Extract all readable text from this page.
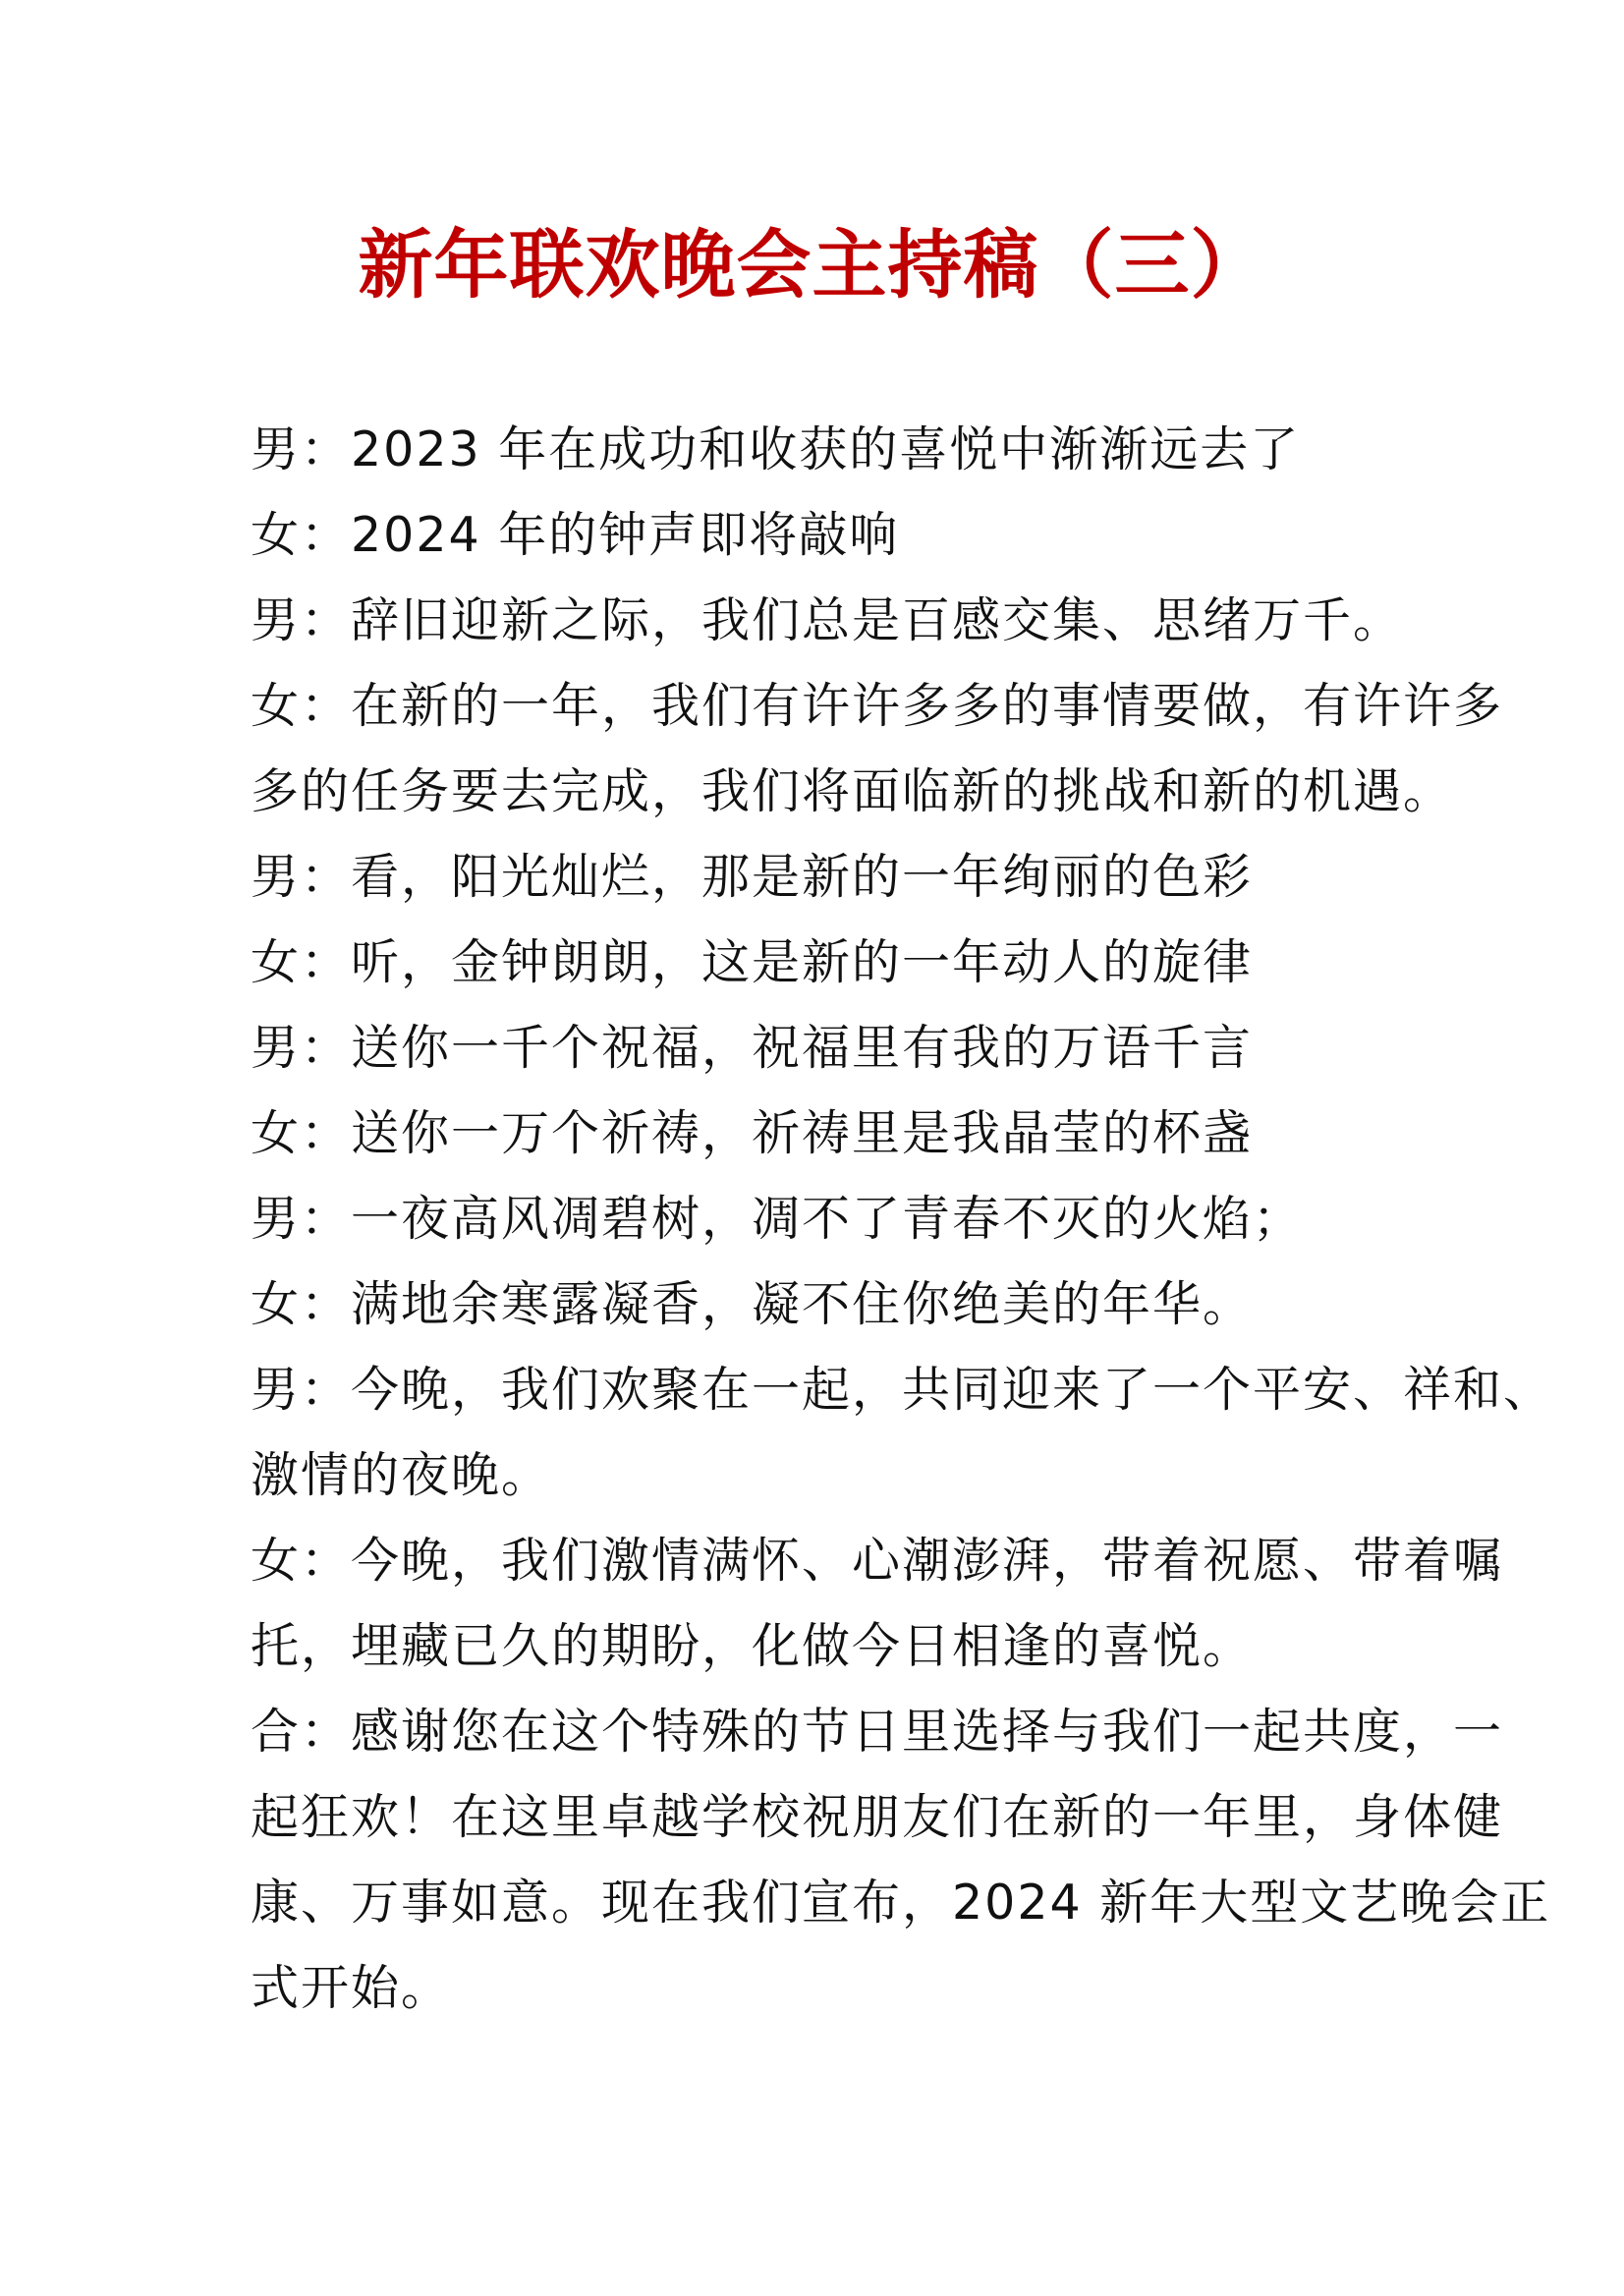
新年联欢晚会主持稿（三）
男：2023 年在成功和收获的喜悦中渐渐远去了
女：2024 年的钟声即将敲响
男：辞旧迎新之际，我们总是百感交集、思绪万千。
女：在新的一年，我们有许许多多的事情要做，有许许多
多的任务要去完成，我们将面临新的挑战和新的机遇。
男：看，阳光灿烂，那是新的一年绚丽的色彩
女：听，金钟朗朗，这是新的一年动人的旋律
男：送你一千个祝福，祝福里有我的万语千言
女：送你一万个祈祷，祈祷里是我晶莹的杯盏
男：一夜高风凋碧树，凋不了青春不灭的火焰；
女：满地余寒露凝香，凝不住你绝美的年华。
男：今晚，我们欢聚在一起，共同迎来了一个平安、祥和、
激情的夜晚。
女：今晚，我们激情满怀、心潮澎湃，带着祝愿、带着嘱
托，埋藏已久的期盼，化做今日相逢的喜悦。
合：感谢您在这个特殊的节日里选择与我们一起共度，一
起狂欢！在这里卓越学校祝朋友们在新的一年里，身体健
康、万事如意。现在我们宣布，2024 新年大型文艺晚会正
式开始。
